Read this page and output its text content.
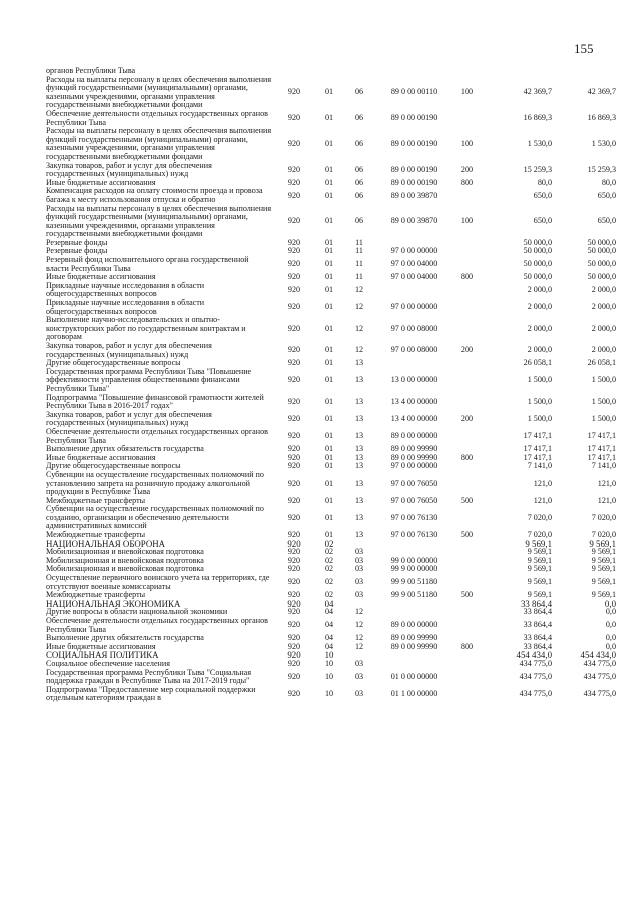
155
органов Республики Тыва							
Расходы на выплаты персоналу в целях обеспечения выполнения функций государственными (муниципальными) органами, казенными учреждениями, органами управления государственными внебюджетными фондами	920	01	06	89 0 00 00110	100	42 369,7	42 369,7
Обеспечение деятельности отдельных государственных органов Республики Тыва	920	01	06	89 0 00 00190		16 869,3	16 869,3
Расходы на выплаты персоналу в целях обеспечения выполнения функций государственными (муниципальными) органами, казенными учреждениями, органами управления государственными внебюджетными фондами	920	01	06	89 0 00 00190	100	1 530,0	1 530,0
Закупка товаров, работ и услуг для обеспечения государственных (муниципальных) нужд	920	01	06	89 0 00 00190	200	15 259,3	15 259,3
Иные бюджетные ассигнования	920	01	06	89 0 00 00190	800	80,0	80,0
Компенсация расходов на оплату стоимости проезда и провоза багажа к месту использования отпуска и обратно	920	01	06	89 0 00 39870		650,0	650,0
Расходы на выплаты персоналу в целях обеспечения выполнения функций государственными (муниципальными) органами, казенными учреждениями, органами управления государственными внебюджетными фондами	920	01	06	89 0 00 39870	100	650,0	650,0
Резервные фонды	920	01	11			50 000,0	50 000,0
Резервные фонды	920	01	11	97 0 00 00000		50 000,0	50 000,0
Резервный фонд исполнительного органа государственной власти Республики Тыва	920	01	11	97 0 00 04000		50 000,0	50 000,0
Иные бюджетные ассигнования	920	01	11	97 0 00 04000	800	50 000,0	50 000,0
Прикладные научные исследования в области общегосударственных вопросов	920	01	12			2 000,0	2 000,0
Прикладные научные исследования в области общегосударственных вопросов	920	01	12	97 0 00 00000		2 000,0	2 000,0
Выполнение научно-исследовательских и опытно-конструкторских работ по государственным контрактам и договорам	920	01	12	97 0 00 08000		2 000,0	2 000,0
Закупка товаров, работ и услуг для обеспечения государственных (муниципальных) нужд	920	01	12	97 0 00 08000	200	2 000,0	2 000,0
Другие общегосударственные вопросы	920	01	13			26 058,1	26 058,1
Государственная программа Республики Тыва "Повышение эффективности управления общественными финансами Республики Тыва"	920	01	13	13 0 00 00000		1 500,0	1 500,0
Подпрограмма "Повышение финансовой грамотности жителей Республики Тыва в 2016-2017 годах"	920	01	13	13 4 00 00000		1 500,0	1 500,0
Закупка товаров, работ и услуг для обеспечения государственных (муниципальных) нужд	920	01	13	13 4 00 00000	200	1 500,0	1 500,0
Обеспечение деятельности отдельных государственных органов Республики Тыва	920	01	13	89 0 00 00000		17 417,1	17 417,1
Выполнение других обязательств государства	920	01	13	89 0 00 99990		17 417,1	17 417,1
Иные бюджетные ассигнования	920	01	13	89 0 00 99990	800	17 417,1	17 417,1
Другие общегосударственные вопросы	920	01	13	97 0 00 00000		7 141,0	7 141,0
Субвенции на осуществление государственных полномочий по установлению запрета на розничную продажу алкогольной продукции в Республике Тыва	920	01	13	97 0 00 76050		121,0	121,0
Межбюджетные трансферты	920	01	13	97 0 00 76050	500	121,0	121,0
Субвенции на осуществление государственных полномочий по созданию, организации и обеспечению деятельности административных комиссий	920	01	13	97 0 00 76130		7 020,0	7 020,0
Межбюджетные трансферты	920	01	13	97 0 00 76130	500	7 020,0	7 020,0
НАЦИОНАЛЬНАЯ ОБОРОНА	920	02				9 569,1	9 569,1
Мобилизационная и вневойсковая подготовка	920	02	03			9 569,1	9 569,1
Мобилизационная и вневойсковая подготовка	920	02	03	99 0 00 00000		9 569,1	9 569,1
Мобилизационная и вневойсковая подготовка	920	02	03	99 9 00 00000		9 569,1	9 569,1
Осуществление первичного воинского учета на территориях, где отсутствуют военные комиссариаты	920	02	03	99 9 00 51180		9 569,1	9 569,1
Межбюджетные трансферты	920	02	03	99 9 00 51180	500	9 569,1	9 569,1
НАЦИОНАЛЬНАЯ ЭКОНОМИКА	920	04				33 864,4	0,0
Другие вопросы в области национальной экономики	920	04	12			33 864,4	0,0
Обеспечение деятельности отдельных государственных органов Республики Тыва	920	04	12	89 0 00 00000		33 864,4	0,0
Выполнение других обязательств государства	920	04	12	89 0 00 99990		33 864,4	0,0
Иные бюджетные ассигнования	920	04	12	89 0 00 99990	800	33 864,4	0,0
СОЦИАЛЬНАЯ ПОЛИТИКА	920	10				454 434,0	454 434,0
Социальное обеспечение населения	920	10	03			434 775,0	434 775,0
Государственная программа Республики Тыва "Социальная поддержка граждан в Республике Тыва на 2017-2019 годы"	920	10	03	01 0 00 00000		434 775,0	434 775,0
Подпрограмма "Предоставление мер социальной поддержки отдельным категориям граждан в	920	10	03	01 1 00 00000		434 775,0	434 775,0
